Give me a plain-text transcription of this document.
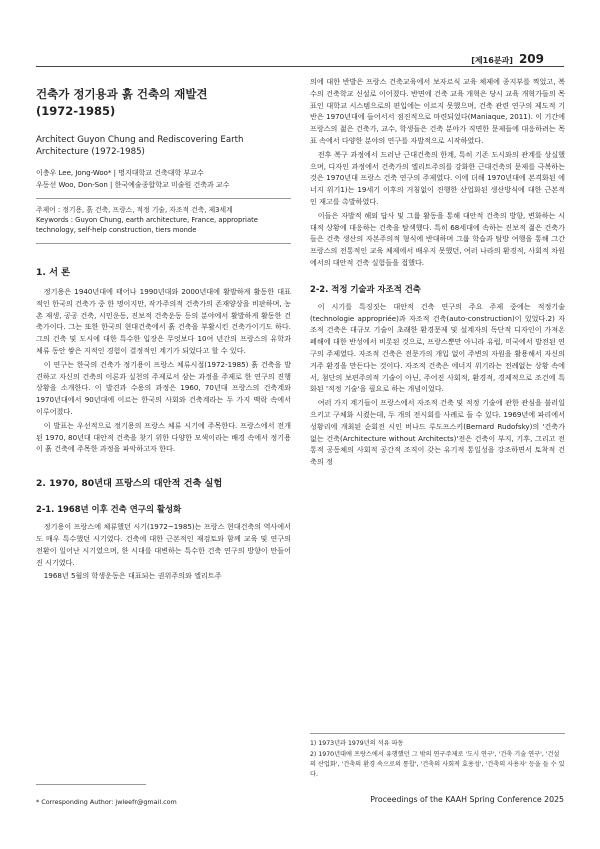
[제16분과] 209
건축가 정기용과 흙 건축의 재발견
(1972-1985)
Architect Guyon Chung and Rediscovering Earth Architecture (1972-1985)
이충우 Lee, Jong-Woo* | 명지대학교 건축대학 부교수
우동선 Woo, Don-Son | 한국예술종합학교 미술원 건축과 교수
주제어 : 정기용, 흙 건축, 프랑스, 적정 기술, 자조적 건축, 제3세계
Keywords : Guyon Chung, earth architecture, France, appropriate technology, self-help construction, tiers monde
1. 서 론

정기용은 1940년대에 태어나 1990년대와 2000년대에 활발하게 활동한 대표적인 한국의 건축가 중 한 명이지만, 작가주의적 건축가의 존재양상을 비판하며, 농촌 재생, 공공 건축, 시민운동, 진보적 건축운동 등의 분야에서 활발하게 활동한 건축가이다. 그는 또한 한국의 현대건축에서 흙 건축을 부활시킨 건축가이기도 하다. 그의 건축 및 도시에 대한 특수한 입장은 무엇보다 10여 년간의 프랑스의 유학과 체류 동안 쌓은 지적인 경험이 결정적인 계기가 되었다고 할 수 있다.

이 연구는 한국의 건축가 정기용이 프랑스 체류시절(1972-1985) 흙 건축을 발견하고 자신의 건축의 이론과 실천의 주제로서 삼는 과정을 주제로 한 연구의 진행 상황을 소개한다. 이 발견과 수용의 과정은 1960, 70년대 프랑스의 건축계와 1970년대에서 90년대에 이르는 한국의 사회와 건축계라는 두 가지 맥락 속에서 이루어졌다.

이 발표는 우선적으로 정기용의 프랑스 체류 시기에 주목한다. 프랑스에서 전개된 1970, 80년대 대안적 건축을 찾기 위한 다양한 모색이라는 배경 속에서 정기용이 흙 건축에 주목한 과정을 파악하고자 한다.

2. 1970, 80년대 프랑스의 대안적 건축 실험
2-1. 1968년 이후 건축 연구의 활성화

정기용이 프랑스에 체류했던 시기(1972~1985)는 프랑스 현대건축의 역사에서도 매우 특수했던 시기였다. 건축에 대한 근본적인 재검토와 함께 교육 및 연구의 전환이 일어난 시기였으며, 한 시대를 대변하는 특수한 건축 연구의 방향이 만들어진 시기였다.

1968년 5월의 학생운동은 대표되는 권위주의와 엘리트주

* Corresponding Author: jwleefr@gmail.com

의에 대한 반발은 프랑스 건축교육에서 보자르식 교육 체제에 종지부를 찍었고, 복수의 건축학교 신설로 이어졌다. 반면에 건축 교육 개혁은 당시 교육 개혁가들의 목표인 대학교 시스템으로의 편입에는 이르지 못했으며, 건축 관련 연구의 제도적 기반은 1970년대에 들어서서 점진적으로 마련되었다(Maniaque, 2011). 이 기간에 프랑스의 젊은 건축가, 교수, 학생들은 건축 분야가 직면한 문제들에 대응하려는 목표 속에서 다양한 분야의 연구를 자발적으로 시작하였다.

전후 복구 과정에서 드러난 근대건축의 한계, 특히 기존 도시와의 관계를 상실했으며, 디자인 과정에서 건축가의 엘리트주의를 강화한 근대건축의 문제를 극복하는 것은 1970년대 프랑스 건축 연구의 주제였다. 이에 더해 1970년대에 본격화된 에너지 위기1)는 19세기 이후의 거침없이 진행한 산업화된 생산방식에 대한 근본적인 재고를 촉발하였다.

이들은 자발적 해외 답사 및 그룹 활동을 통해 대안적 건축의 방향, 변화하는 시대적 상황에 대응하는 건축을 탐색했다. 특히 68세대에 속하는 진보적 젊은 건축가들은 건축 생산의 자본주의적 형식에 반대하며 그룹 학습과 탐방 여행을 통해 그간 프랑스의 전통적인 교육 체제에서 배우지 못했던, 여러 나라의 환경적, 사회적 차원에서의 대안적 건축 실험들을 접했다.

2-2. 적정 기술과 자조적 건축

이 시기를 특징짓는 대안적 건축 연구의 주요 주제 중에는 적정기술(technologie appropriée)과 자조적 건축(auto-construction)이 있었다.2) 자조적 건축은 대규모 기술이 초래한 환경문제 및 설계자의 독단적 디자인이 가져온 폐해에 대한 반성에서 비롯된 것으로, 프랑스뿐만 아니라 유럽, 미국에서 발전된 연구의 주제였다. 자조적 건축은 전문가의 개입 없이 주변의 자원을 활용해서 자신의 거주 환경을 만든다는 것이다. 자조적 건축은 에너지 위기라는 전례없는 상황 속에서, 첨단의 보편주의적 기술이 아닌, 주어진 사회적, 환경적, 경제적으로 조건에 특화된 '적정 기술'을 필요로 하는 개념이었다.

여러 가지 계기들이 프랑스에서 자조적 건축 및 적정 기술에 관한 관심을 불러일으키고 구체화 시켰는데, 두 개의 전시회를 사례로 들 수 있다. 1969년에 파리에서 성황리에 개최된 순회전 시인 버나드 루도프스키(Bernard Rudofsky)의 '건축가 없는 건축(Architecture without Architects)'전은 건축이 부지, 기후, 그리고 전통적 공동체의 사회적 공간적 조직이 갖는 유기적 통일성을 강조하면서 토착적 건축의 정

1) 1973년과 1979년의 석유 파동

2) 1970년대에 프랑스에서 유행했던 그 밖의 연구주제로 '도시 연구', '건축 기술 연구', '건설의 산업화', '건축의 환경 속으로의 통합', '건축의 사회적 효용성', '건축의 사용자' 등을 들 수 있다.

Proceedings of the KAAH Spring Conference 2025
